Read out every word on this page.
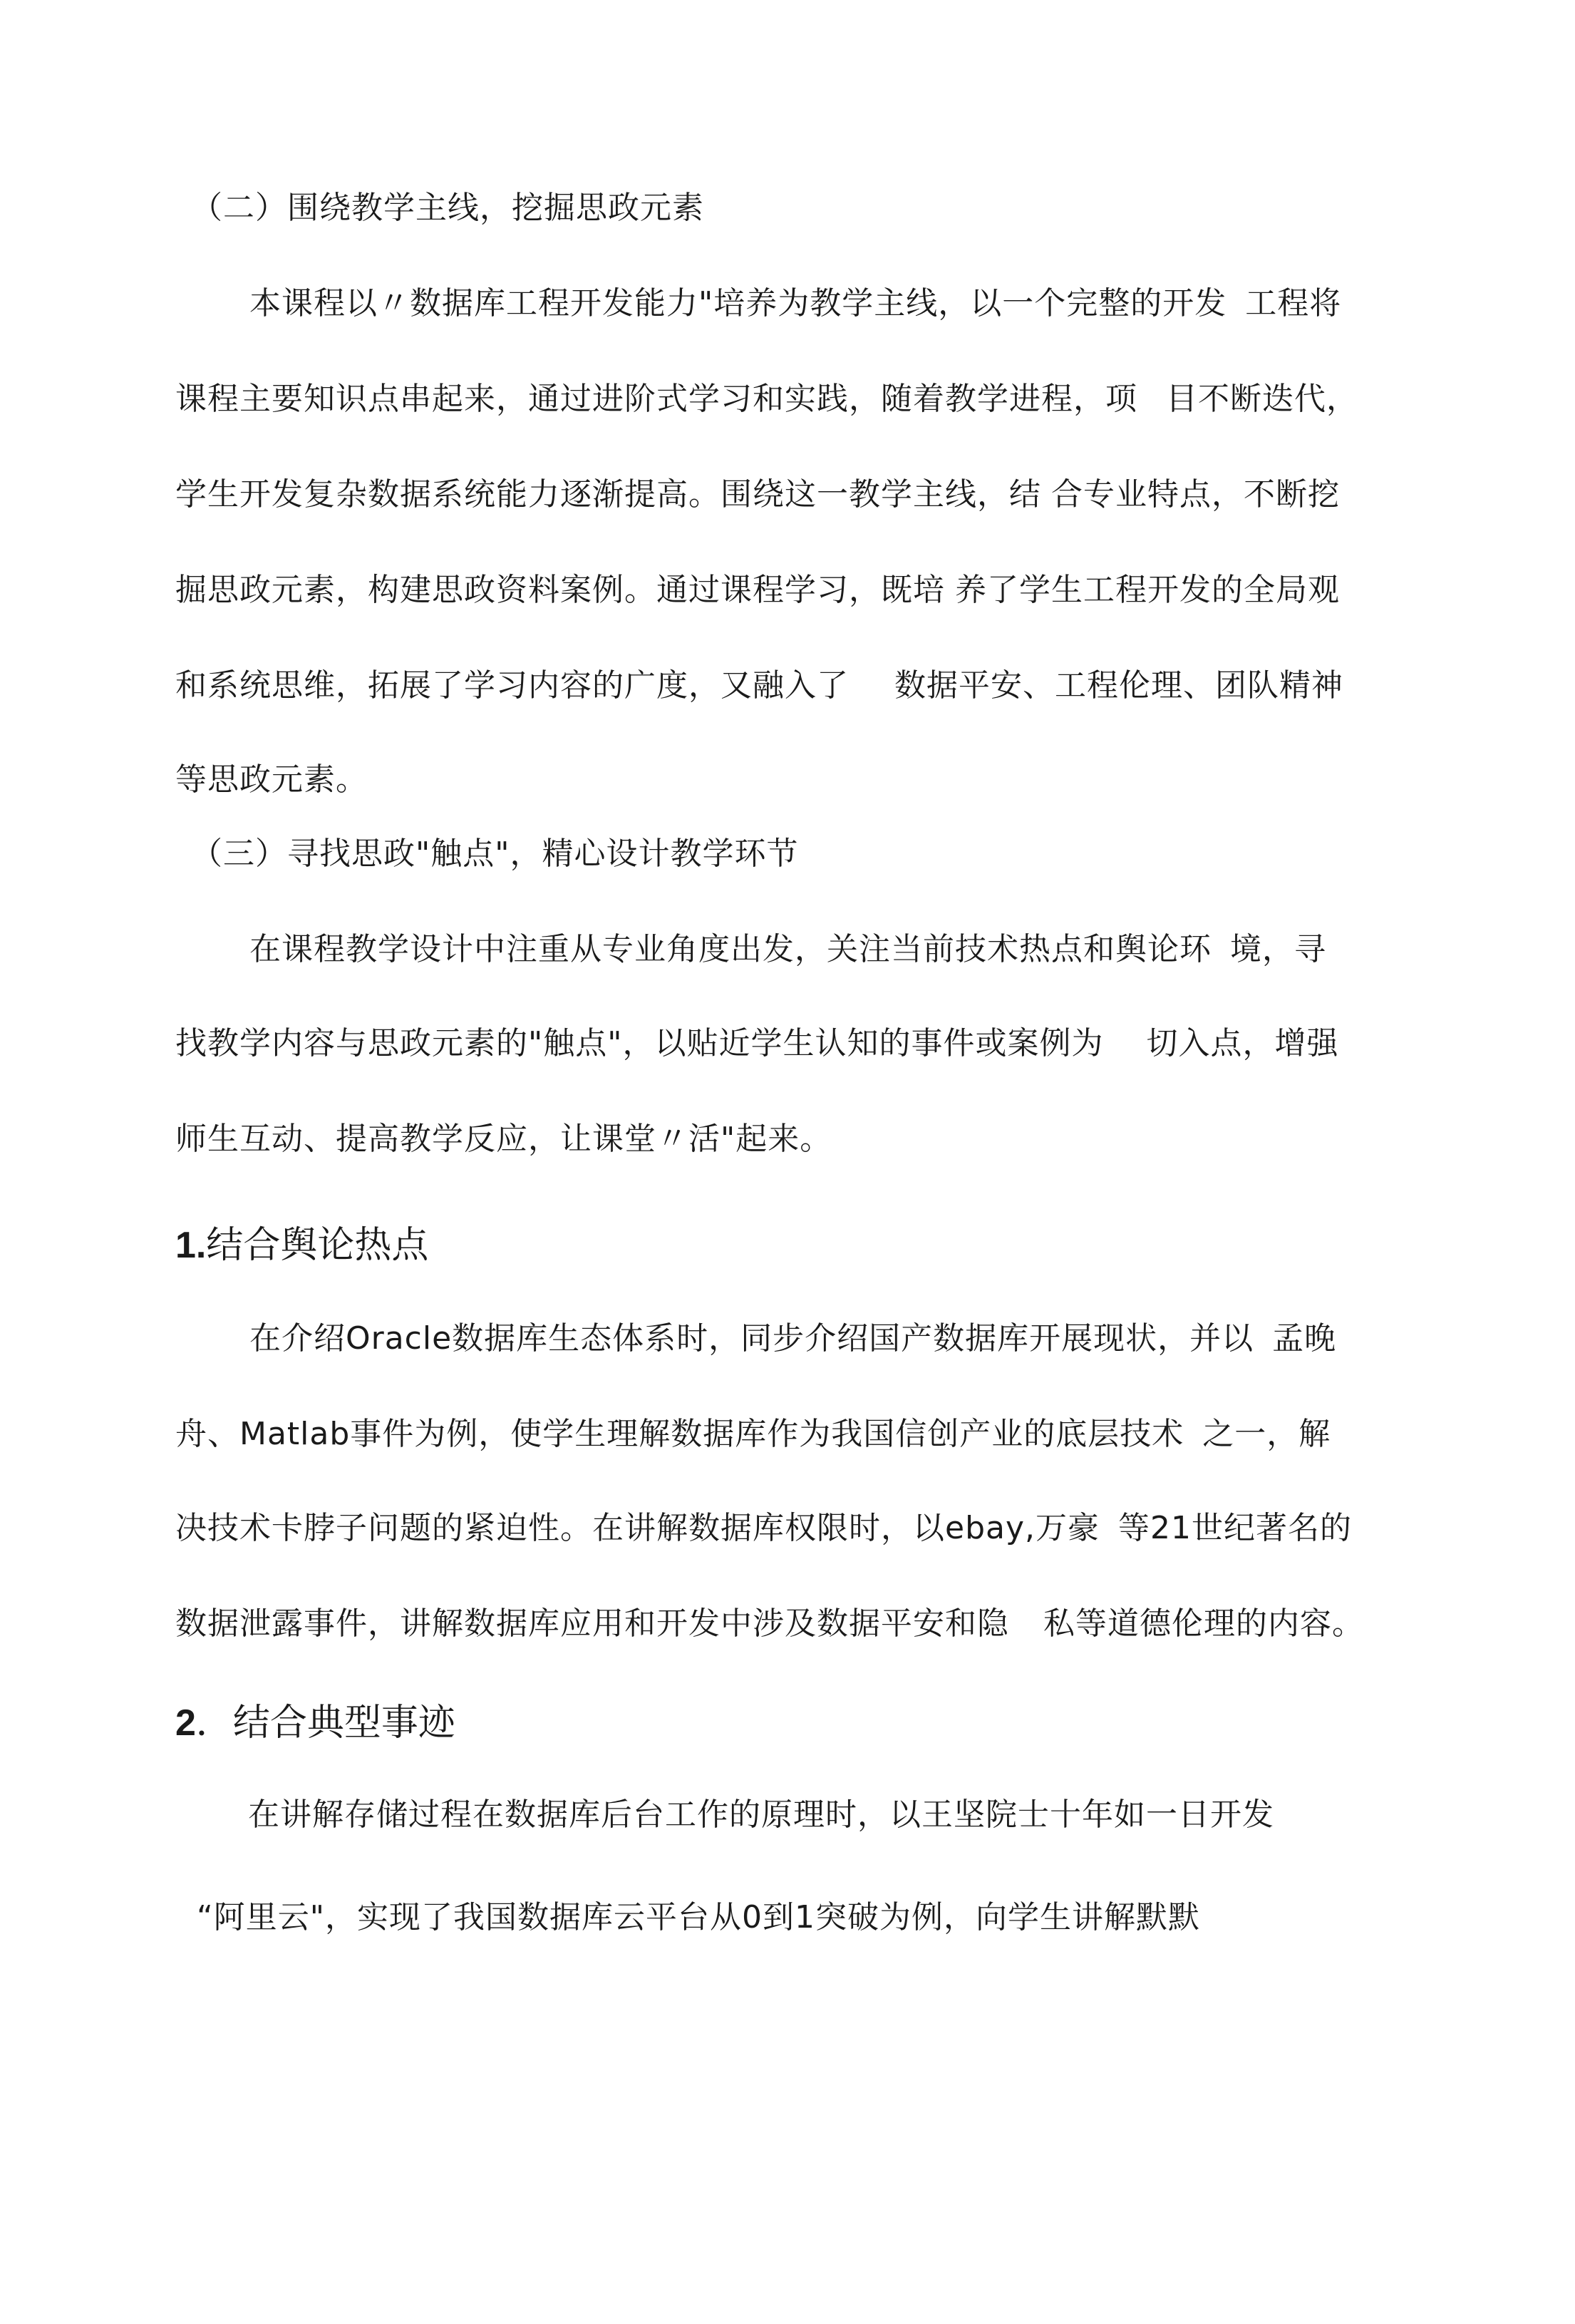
（二）围绕教学主线，挖掘思政元素
本课程以〃数据库工程开发能力"培养为教学主线，以一个完整的开发 工程将
课程主要知识点串起来，通过进阶式学习和实践，随着教学进程，项 目不断迭代，
学生开发复杂数据系统能力逐渐提高。围绕这一教学主线，结 合专业特点，不断挖
掘思政元素，构建思政资料案例。通过课程学习，既培 养了学生工程开发的全局观
和系统思维，拓展了学习内容的广度，又融入了 数据平安、工程伦理、团队精神
等思政元素。
（三）寻找思政"触点"，精心设计教学环节
在课程教学设计中注重从专业角度出发，关注当前技术热点和舆论环 境，寻
找教学内容与思政元素的"触点"，以贴近学生认知的事件或案例为 切入点，增强
师生互动、提高教学反应，让课堂〃活"起来。
1.结合舆论热点
在介绍Oracle数据库生态体系时，同步介绍国产数据库开展现状，并以 孟晚
舟、Matlab事件为例，使学生理解数据库作为我国信创产业的底层技术 之一，解
决技术卡脖子问题的紧迫性。在讲解数据库权限时，以ebay,万豪 等21世纪著名的
数据泄露事件，讲解数据库应用和开发中涉及数据平安和隐 私等道德伦理的内容。
2．结合典型事迹
在讲解存储过程在数据库后台工作的原理时，以王坚院士十年如一日开发
“阿里云"，实现了我国数据库云平台从0到1突破为例，向学生讲解默默
